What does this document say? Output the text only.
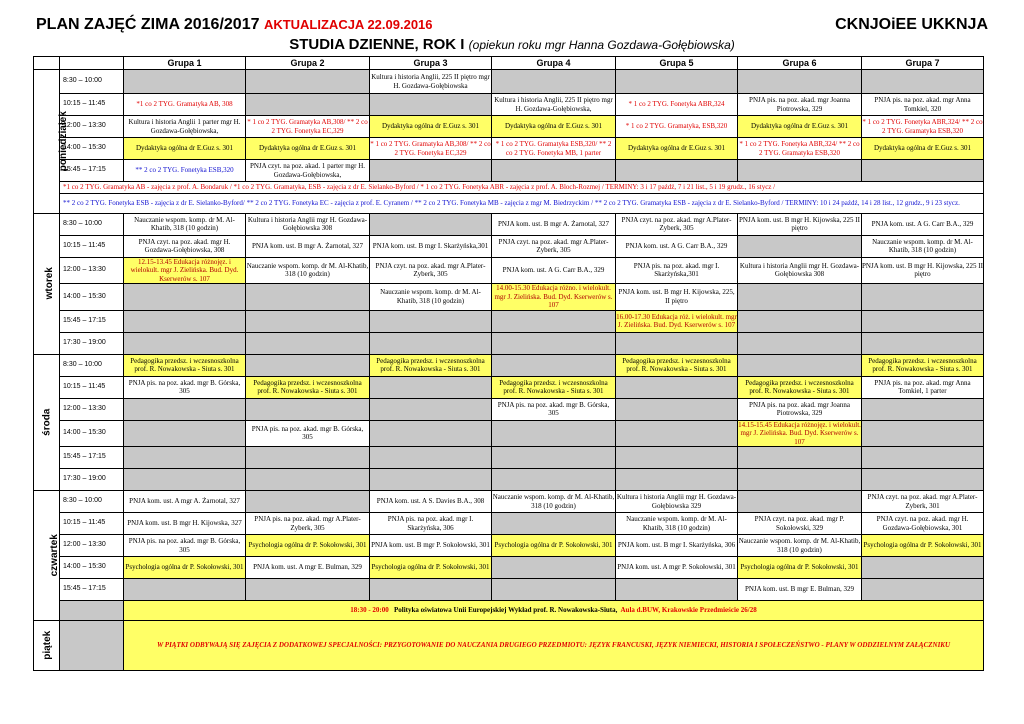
PLAN ZAJĘĆ ZIMA 2016/2017 AKTUALIZACJA 22.09.2016	CKNJOiEE UKKNJA
STUDIA DZIENNE, ROK I (opiekun roku mgr Hanna Gozdawa-Gołębiowska)
		Grupa 1	Grupa 2	Grupa 3	Grupa 4	Grupa 5	Grupa 6	Grupa 7
poniedziałek	8:30 – 10:00			Kultura i historia Anglii, 225 II piętro mgr H. Gozdawa-Gołębiowska				
	10:15 – 11:45	*1 co 2 TYG. Gramatyka AB, 308			Kultura i historia Anglii, 225 II piętro mgr H. Gozdawa-Gołębiowska,	* 1 co 2 TYG. Fonetyka ABR,324	PNJA pis. na poz. akad. mgr Joanna Piotrowska, 329	PNJA pis. na poz. akad. mgr Anna Tomkiel, 320
	12:00 – 13:30	Kultura i historia Anglii 1 parter mgr H. Gozdawa-Gołębiowska,	* 1 co 2 TYG. Gramatyka AB,308/ ** 2 co 2 TYG. Fonetyka EC,329	Dydaktyka ogólna dr E.Guz s. 301	Dydaktyka ogólna dr E.Guz s. 301	* 1 co 2 TYG. Gramatyka, ESB,320	Dydaktyka ogólna dr E.Guz s. 301	* 1 co 2 TYG. Fonetyka ABR,324/ ** 2 co 2 TYG. Gramatyka ESB,320
	14:00 – 15:30	Dydaktyka ogólna dr E.Guz s. 301	Dydaktyka ogólna dr E.Guz s. 301	* 1 co 2 TYG. Gramatyka AB,308/ ** 2 co 2 TYG. Fonetyka EC,329	* 1 co 2 TYG. Gramatyka ESB,320/ ** 2 co 2 TYG. Fonetyka MB, 1 parter	Dydaktyka ogólna dr E.Guz s. 301	* 1 co 2 TYG. Fonetyka ABR,324/ ** 2 co 2 TYG. Gramatyka ESB,320	Dydaktyka ogólna dr E.Guz s. 301
	15:45 – 17:15	** 2 co 2 TYG. Fonetyka ESB,320	PNJA czyt. na poz. akad. 1 parter mgr H. Gozdawa-Gołębiowska,					
	*1 co 2 TYG. Gramatyka AB - zajęcia z prof. A. Bondaruk / *1 co 2 TYG. Gramatyka, ESB - zajęcia z dr E. Sielanko-Byford / * 1 co 2 TYG. Fonetyka ABR - zajęcia z prof. A. Bloch-Rozmej / TERMINY: 3 i 17 paźdź, 7 i 21 list., 5 i 19 grudz., 16 stycz /							
	** 2 co 2 TYG. Fonetyka ESB - zajęcia z dr E. Sielanko-Byford/ ** 2 co 2 TYG. Fonetyka EC - zajęcia z prof. E. Cyranem / ** 2 co 2 TYG. Fonetyka MB - zajęcia z mgr M. Biedrzyckim / ** 2 co 2 TYG. Gramatyka ESB - zajęcia z dr E. Sielanko-Byford / TERMINY: 10 i 24 paźdź, 14 i 28 list., 12 grudz., 9 i 23 stycz.							
wtorek	8:30 – 10:00	Nauczanie wspom. komp. dr M. Al-Khatib, 318 (10 godzin)	Kultura i historia Anglii mgr H. Gozdawa-Gołębiowska 308		PNJA kom. ust. B mgr A. Żarnotal, 327	PNJA czyt. na poz. akad. mgr A.Plater-Zyberk, 305	PNJA kom. ust. B mgr H. Kijowska, 225 II piętro	PNJA kom. ust. A G. Carr B.A., 329
	10:15 – 11:45	PNJA czyt. na poz. akad. mgr H. Gozdawa-Gołębiowska, 308	PNJA kom. ust. B mgr A. Żarnotal, 327	PNJA kom. ust. B mgr I. Skarżyńska,301	PNJA czyt. na poz. akad. mgr A.Plater-Zyberk, 305	PNJA kom. ust. A G. Carr B.A., 329		Nauczanie wspom. komp. dr M. Al-Khatib, 318 (10 godzin)
	12:00 – 13:30	12.15-13.45 Edukacja różnojęz. i wielokult. mgr J. Zielińska. Bud. Dyd. Kserwerów s. 107	Nauczanie wspom. komp. dr M. Al-Khatib, 318 (10 godzin)	PNJA czyt. na poz. akad. mgr A.Plater-Zyberk, 305	PNJA kom. ust. A G. Carr B.A., 329	PNJA pis. na poz. akad. mgr I. Skarżyńska,301	Kultura i historia Anglii mgr H. Gozdawa-Gołębiowska 308	PNJA kom. ust. B mgr H. Kijowska, 225 II piętro
	14:00 – 15:30			Nauczanie wspom. komp. dr M. Al-Khatib, 318 (10 godzin)	14.00-15.30 Edukacja różno. i wielokult. mgr J. Zielińska. Bud. Dyd. Kserwerów s. 107	PNJA kom. ust. B mgr H. Kijowska, 225, II piętro		
	15:45 – 17:15					16.00-17.30 Edukacja róż. i wielokult. mgr J. Zielińska. Bud. Dyd. Kserwerów s. 107		
	17:30 – 19:00							
środa	8:30 – 10:00	Pedagogika przedsz. i wczesnoszkolna prof. R. Nowakowska - Siuta s. 301		Pedagogika przedsz. i wczesnoszkolna prof. R. Nowakowska - Siuta s. 301		Pedagogika przedsz. i wczesnoszkolna prof. R. Nowakowska - Siuta s. 301		Pedagogika przedsz. i wczesnoszkolna prof. R. Nowakowska - Siuta s. 301
	10:15 – 11:45	PNJA pis. na poz. akad. mgr B. Górska, 305	Pedagogika przedsz. i wczesnoszkolna prof. R. Nowakowska - Siuta s. 301		Pedagogika przedsz. i wczesnoszkolna prof. R. Nowakowska - Siuta s. 301		Pedagogika przedsz. i wczesnoszkolna prof. R. Nowakowska - Siuta s. 301	PNJA pis. na poz. akad. mgr Anna Tomkiel, 1 parter
	12:00 – 13:30				PNJA pis. na poz. akad. mgr B. Górska, 305		PNJA pis. na poz. akad. mgr Joanna Piotrowska, 329	
	14:00 – 15:30		PNJA pis. na poz. akad. mgr B. Górska, 305				14.15-15.45 Edukacja różnojęz. i wielokult. mgr J. Zielińska. Bud. Dyd. Kserwerów s. 107	
	15:45 – 17:15							
	17:30 – 19:00							
czwartek	8:30 – 10:00	PNJA kom. ust. A mgr A. Żarnotal, 327		PNJA kom. ust. A S. Davies B.A., 308	Nauczanie wspom. komp. dr M. Al-Khatib, 318 (10 godzin)	Kultura i historia Anglii mgr H. Gozdawa-Gołębiowska 329		PNJA czyt. na poz. akad. mgr A.Plater-Zyberk, 301
	10:15 – 11:45	PNJA kom. ust. B mgr H. Kijowska, 327	PNJA pis. na poz. akad. mgr A.Plater-Zyberk, 305	PNJA pis. na poz. akad. mgr I. Skarżyńska, 306		Nauczanie wspom. komp. dr M. Al-Khatib, 318 (10 godzin)	PNJA czyt. na poz. akad. mgr P. Sokołowski, 329	PNJA czyt. na poz. akad. mgr H. Gozdawa-Gołębiowska, 301
	12:00 – 13:30	PNJA pis. na poz. akad. mgr B. Górska, 305	Psychologia ogólna dr P. Sokołowski, 301	PNJA kom. ust. B mgr P. Sokołowski, 301	Psychologia ogólna dr P. Sokołowski, 301	PNJA kom. ust. B mgr I. Skarżyńska, 306	Nauczanie wspom. komp. dr M. Al-Khatib, 318 (10 godzin)	Psychologia ogólna dr P. Sokołowski, 301
	14:00 – 15:30	Psychologia ogólna dr P. Sokołowski, 301	PNJA kom. ust. A mgr E. Bulman, 329	Psychologia ogólna dr P. Sokołowski, 301		PNJA kom. ust. A mgr P. Sokołowski, 301	Psychologia ogólna dr P. Sokołowski, 301	
	15:45 – 17:15						PNJA kom. ust. B mgr E. Bulman, 329	
		18:30 - 20:00 Polityka oświatowa Unii Europejskiej Wykład prof. R. Nowakowska-Siuta, Aula d.BUW, Krakowskie Przedmieście 26/28						
piątek		W PIĄTKI ODBYWAJĄ SIĘ ZAJĘCIA Z DODATKOWEJ SPECJALNOŚCI: PRZYGOTOWANIE DO NAUCZANIA DRUGIEGO PRZEDMIOTU: JĘZYK FRANCUSKI, JĘZYK NIEMIECKI, HISTORIA I SPOŁECZEŃSTWO - PLANY W ODDZIELNYM ZAŁĄCZNIKU						
